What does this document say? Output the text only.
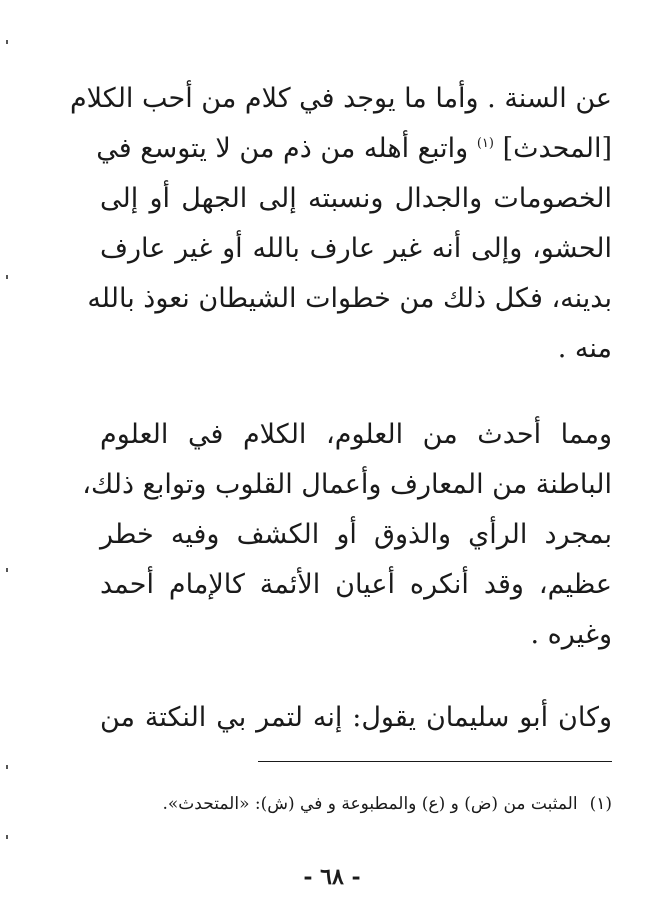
عن السنة . وأما ما يوجد في كلام من أحب الكلام
[المحدث] $^{(١)}$ واتبع أهله من ذم من لا يتوسع في
الخصومات والجدال ونسبته إلى الجهل أو إلى
الحشو، وإلى أنه غير عارف بالله أو غير عارف
بدينه، فكل ذلك من خطوات الشيطان نعوذ بالله
منه .
ومما أحدث من العلوم، الكلام في العلوم
الباطنة من المعارف وأعمال القلوب وتوابع ذلك،
بمجرد الرأي والذوق أو الكشف وفيه خطر
عظيم، وقد أنكره أعيان الأئمة كالإمام أحمد
وغيره .
وكان أبو سليمان يقول: إنه لتمر بي النكتة من
(١)المثبت من (ض) و (ع) والمطبوعة و في (ش): «المتحدث».
- ٦٨ -
